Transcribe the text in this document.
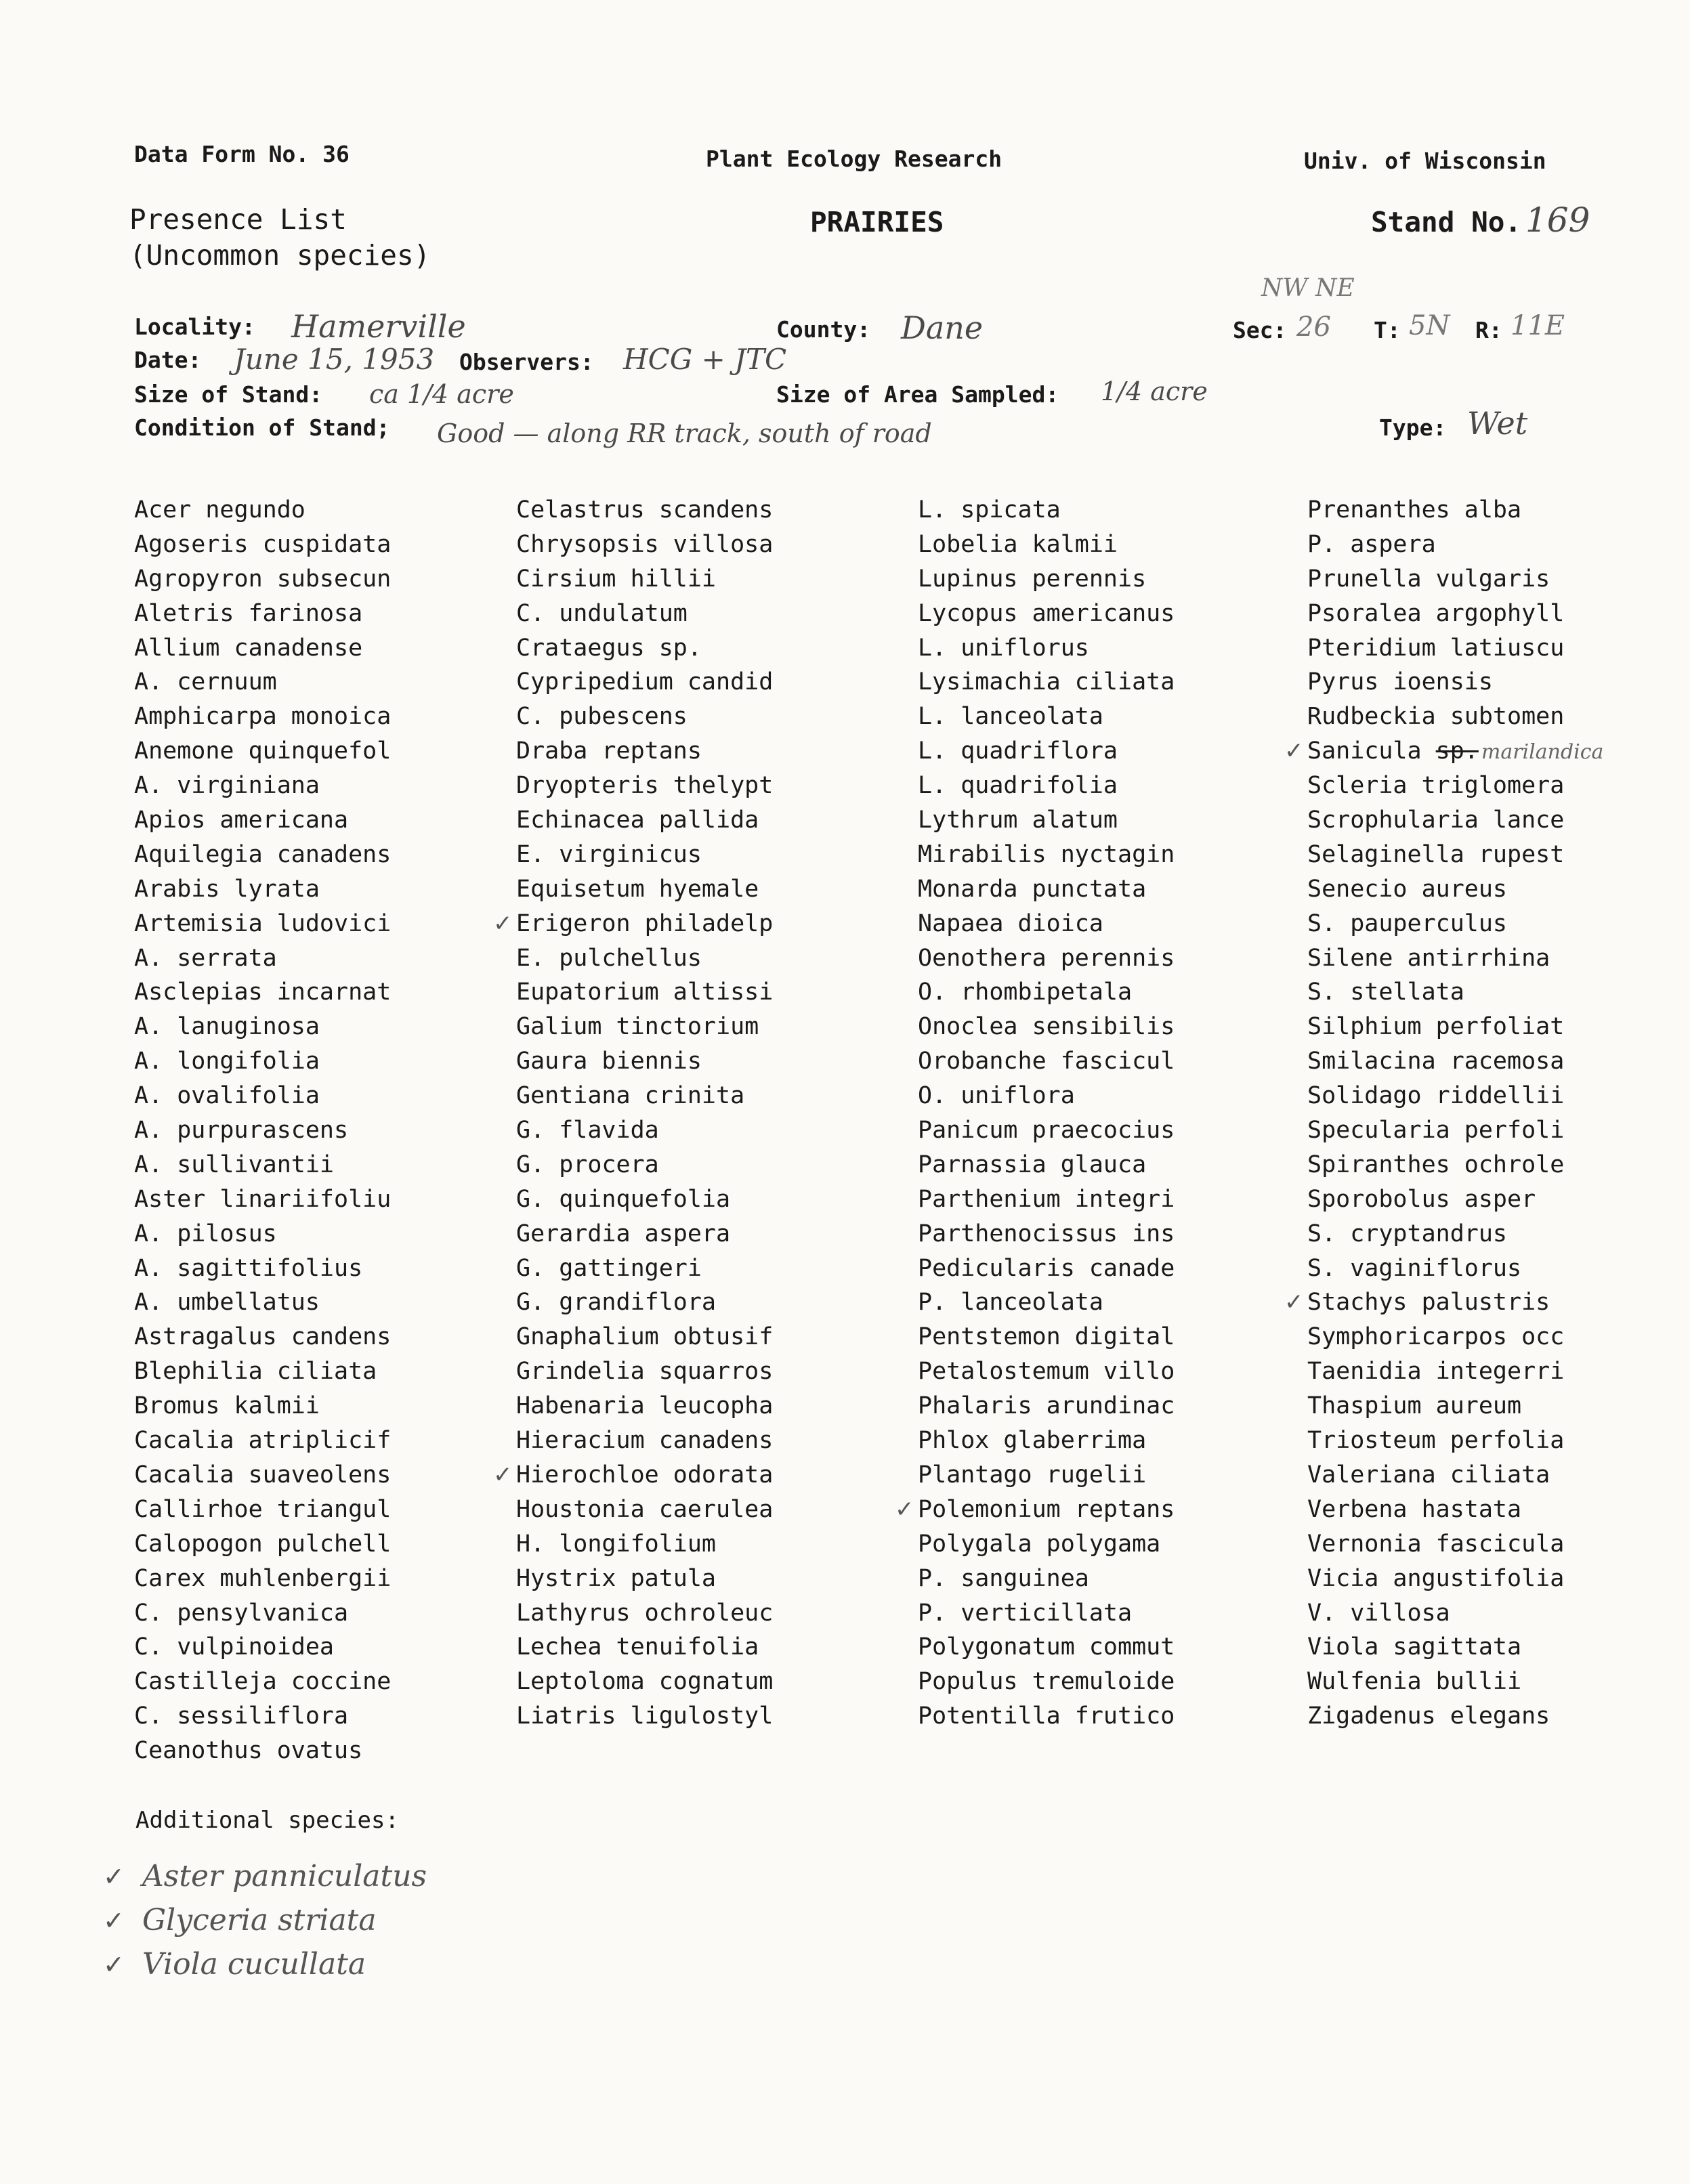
Data Form No. 36	Plant Ecology Research	Univ. of Wisconsin
Presence List
(Uncommon species)
PRAIRIES	Stand No. 169
Locality: Hamerville	County: Dane
NW NE
Sec: 26 T: 5N R: 11E
Date: June 15, 1953 Observers: HCG + JTC
Size of Stand: ca 1/4 acre	Size of Area Sampled: 1/4 acre
Condition of Stand; Good — along RR track, south of road	Type: Wet
Acer negundo
Agoseris cuspidata
Agropyron subsecun
Aletris farinosa
Allium canadense
A. cernuum
Amphicarpa monoica
Anemone quinquefol
A. virginiana
Apios americana
Aquilegia canadens
Arabis lyrata
Artemisia ludovici
A. serrata
Asclepias incarnat
A. lanuginosa
A. longifolia
A. ovalifolia
A. purpurascens
A. sullivantii
Aster linariifoliu
A. pilosus
A. sagittifolius
A. umbellatus
Astragalus candens
Blephilia ciliata
Bromus kalmii
Cacalia atriplicif
Cacalia suaveolens
Callirhoe triangul
Calopogon pulchell
Carex muhlenbergii
C. pensylvanica
C. vulpinoidea
Castilleja coccine
C. sessiliflora
Ceanothus ovatus
Celastrus scandens
Chrysopsis villosa
Cirsium hillii
C. undulatum
Crataegus sp.
Cypripedium candid
C. pubescens
Draba reptans
Dryopteris thelypt
Echinacea pallida
E. virginicus
Equisetum hyemale
✓ Erigeron philadelp
E. pulchellus
Eupatorium altissi
Galium tinctorium
Gaura biennis
Gentiana crinita
G. flavida
G. procera
G. quinquefolia
Gerardia aspera
G. gattingeri
G. grandiflora
Gnaphalium obtusif
Grindelia squarros
Habenaria leucopha
Hieracium canadens
✓ Hierochloe odorata
Houstonia caerulea
H. longifolium
Hystrix patula
Lathyrus ochroleuc
Lechea tenuifolia
Leptoloma cognatum
Liatris ligulostyl
L. spicata
Lobelia kalmii
Lupinus perennis
Lycopus americanus
L. uniflorus
Lysimachia ciliata
L. lanceolata
L. quadriflora
L. quadrifolia
Lythrum alatum
Mirabilis nyctagin
Monarda punctata
Napaea dioica
Oenothera perennis
O. rhombipetala
Onoclea sensibilis
Orobanche fascicul
O. uniflora
Panicum praecocius
Parnassia glauca
Parthenium integri
Parthenocissus ins
Pedicularis canade
P. lanceolata
Pentstemon digital
Petalostemum villo
Phalaris arundinac
Phlox glaberrima
Plantago rugelii
✓ Polemonium reptans
Polygala polygama
P. sanguinea
P. verticillata
Polygonatum commut
Populus tremuloide
Potentilla frutico
Prenanthes alba
P. aspera
Prunella vulgaris
Psoralea argophyll
Pteridium latiuscu
Pyrus ioensis
Rudbeckia subtomen
✓ Sanicula sp. marilandica
Scleria triglomera
Scrophularia lance
Selaginella rupest
Senecio aureus
S. pauperculus
Silene antirrhina
S. stellata
Silphium perfoliat
Smilacina racemosa
Solidago riddellii
Specularia perfoli
Spiranthes ochrole
Sporobolus asper
S. cryptandrus
S. vaginiflorus
✓ Stachys palustris
Symphoricarpos occ
Taenidia integerri
Thaspium aureum
Triosteum perfolia
Valeriana ciliata
Verbena hastata
Vernonia fascicula
Vicia angustifolia
V. villosa
Viola sagittata
Wulfenia bullii
Zigadenus elegans
Additional species:
✓ Aster panniculatus
✓ Glyceria striata
✓ Viola cucullata
